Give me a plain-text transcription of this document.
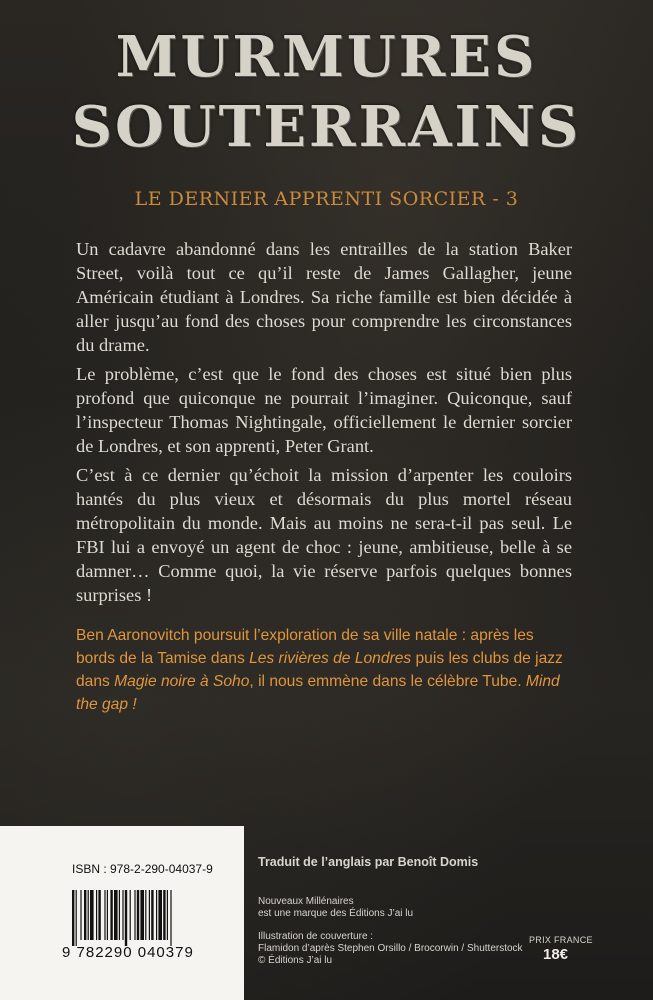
MURMURES
SOUTERRAINS
LE DERNIER APPRENTI SORCIER - 3

Un cadavre abandonné dans les entrailles de la station Baker Street, voilà tout ce qu’il reste de James Gallagher, jeune Américain étudiant à Londres. Sa riche famille est bien décidée à aller jusqu’au fond des choses pour comprendre les circonstances du drame.

Le problème, c’est que le fond des choses est situé bien plus profond que quiconque ne pourrait l’imaginer. Quiconque, sauf l’inspecteur Thomas Nightingale, officiellement le dernier sorcier de Londres, et son apprenti, Peter Grant.

C’est à ce dernier qu’échoit la mission d’arpenter les couloirs hantés du plus vieux et désormais du plus mortel réseau métropolitain du monde. Mais au moins ne sera-t-il pas seul. Le FBI lui a envoyé un agent de choc : jeune, ambitieuse, belle à se damner… Comme quoi, la vie réserve parfois quelques bonnes surprises !

Ben Aaronovitch poursuit l’exploration de sa ville natale : après les bords de la Tamise dans Les rivières de Londres puis les clubs de jazz dans Magie noire à Soho, il nous emmène dans le célèbre Tube. Mind the gap !

ISBN : 978-2-290-04037-9
9 782290 040379

Traduit de l’anglais par Benoît Domis

Nouveaux Millénaires

est une marque des Éditions J’ai lu

Illustration de couverture :

Flamidon d’après Stephen Orsillo / Brocorwin / Shutterstock

© Éditions J’ai lu

PRIX FRANCE

18€
